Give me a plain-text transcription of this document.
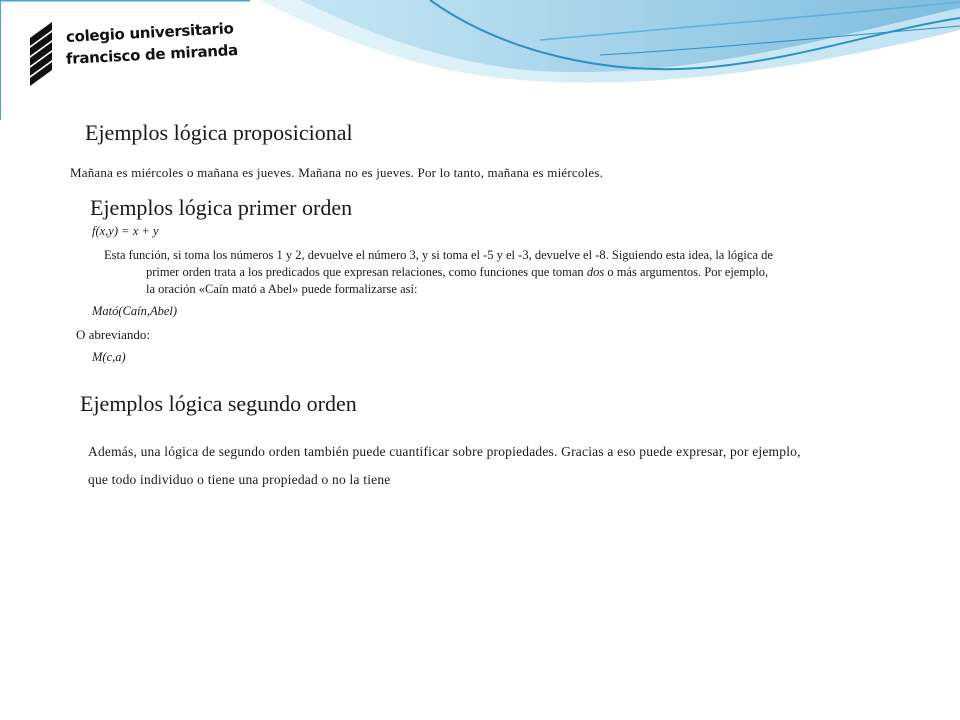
colegio universitario
francisco de miranda
Ejemplos lógica proposicional
Mañana es miércoles o mañana es jueves. Mañana no es jueves. Por lo tanto, mañana es miércoles.
Ejemplos lógica primer orden
f(x,y) = x + y
Esta función, si toma los números 1 y 2, devuelve el número 3, y si toma el -5 y el -3, devuelve el -8. Siguiendo esta idea, la lógica de
primer orden trata a los predicados que expresan relaciones, como funciones que toman dos o más argumentos. Por ejemplo,
la oración «Caín mató a Abel» puede formalizarse así:
Mató(Caín,Abel)
O abreviando:
M(c,a)
Ejemplos lógica segundo orden
Además, una lógica de segundo orden también puede cuantificar sobre propiedades. Gracias a eso puede expresar, por ejemplo,
que todo individuo o tiene una propiedad o no la tiene
